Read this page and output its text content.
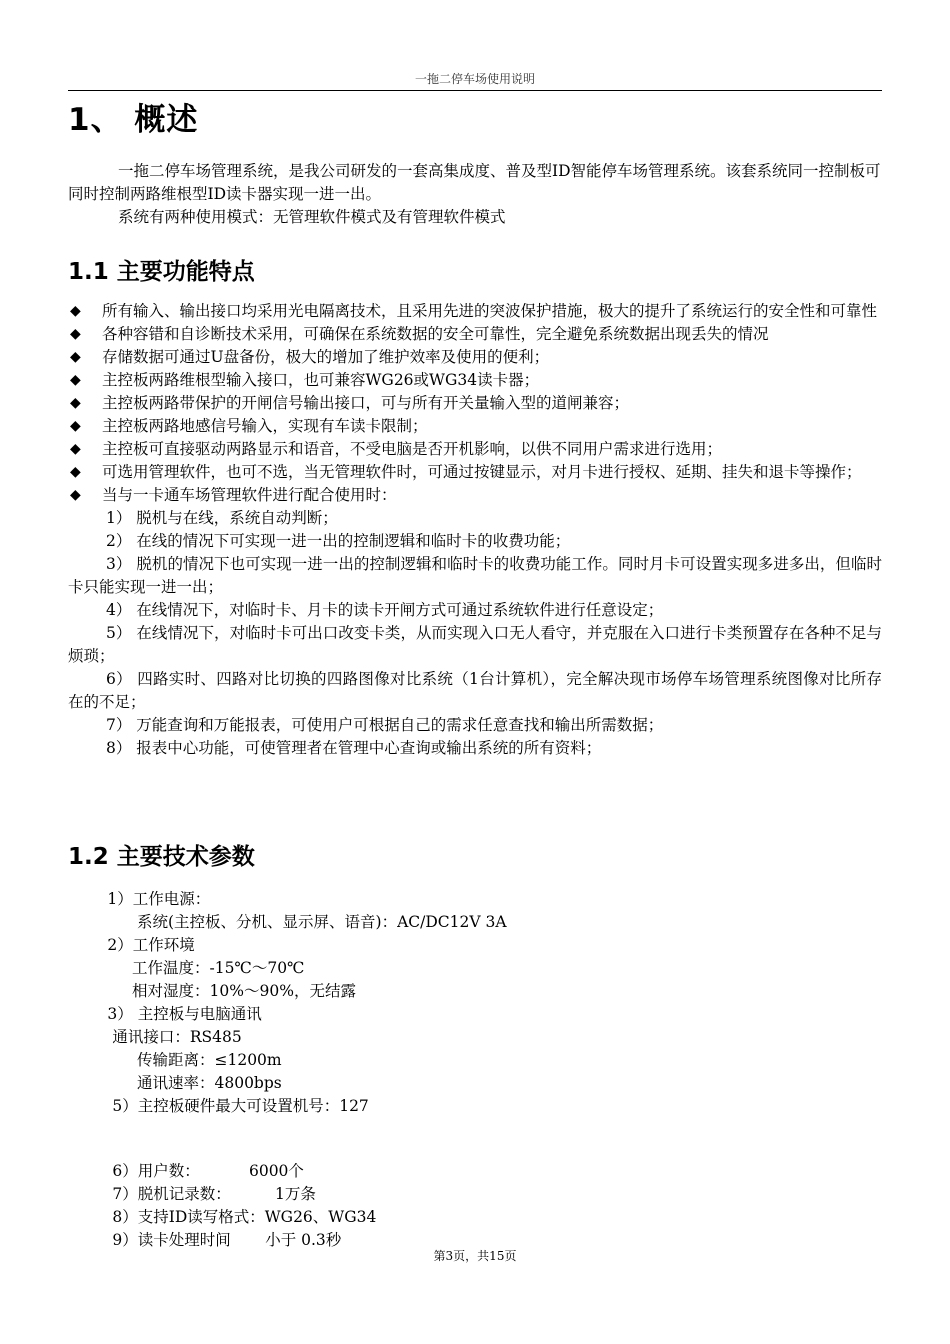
一拖二停车场使用说明
1、 概述

一拖二停车场管理系统，是我公司研发的一套高集成度、普及型ID智能停车场管理系统。该套系统同一控制板可同时控制两路维根型ID读卡器实现一进一出。

系统有两种使用模式：无管理软件模式及有管理软件模式

1.1 主要功能特点
◆ 所有输入、输出接口均采用光电隔离技术，且采用先进的突波保护措施，极大的提升了系统运行的安全性和可靠性
◆ 各种容错和自诊断技术采用，可确保在系统数据的安全可靠性，完全避免系统数据出现丢失的情况
◆ 存储数据可通过U盘备份，极大的增加了维护效率及使用的便利；
◆ 主控板两路维根型输入接口，也可兼容WG26或WG34读卡器；
◆ 主控板两路带保护的开闸信号输出接口，可与所有开关量输入型的道闸兼容；
◆ 主控板两路地感信号输入，实现有车读卡限制；
◆ 主控板可直接驱动两路显示和语音，不受电脑是否开机影响，以供不同用户需求进行选用；
◆ 可选用管理软件，也可不选，当无管理软件时，可通过按键显示，对月卡进行授权、延期、挂失和退卡等操作；
◆ 当与一卡通车场管理软件进行配合使用时：
1） 脱机与在线，系统自动判断；
2） 在线的情况下可实现一进一出的控制逻辑和临时卡的收费功能；
3） 脱机的情况下也可实现一进一出的控制逻辑和临时卡的收费功能工作。同时月卡可设置实现多进多出，但临时卡只能实现一进一出；
4） 在线情况下，对临时卡、月卡的读卡开闸方式可通过系统软件进行任意设定；
5） 在线情况下，对临时卡可出口改变卡类，从而实现入口无人看守，并克服在入口进行卡类预置存在各种不足与烦琐；
6） 四路实时、四路对比切换的四路图像对比系统（1台计算机），完全解决现市场停车场管理系统图像对比所存在的不足；
7） 万能查询和万能报表，可使用户可根据自己的需求任意查找和输出所需数据；
8） 报表中心功能，可使管理者在管理中心查询或输出系统的所有资料；
1.2 主要技术参数
1）工作电源：
系统(主控板、分机、显示屏、语音)：AC/DC12V 3A
2）工作环境
工作温度：-15℃～70℃
相对湿度：10%～90%，无结露
3） 主控板与电脑通讯
通讯接口：RS485
传输距离：≤1200m
通讯速率：4800bps
5）主控板硬件最大可设置机号：127
6）用户数：          6000个
7）脱机记录数：         1万条
8）支持ID读写格式：WG26、WG34
9）读卡处理时间       小于 0.3秒
第3页，共15页
